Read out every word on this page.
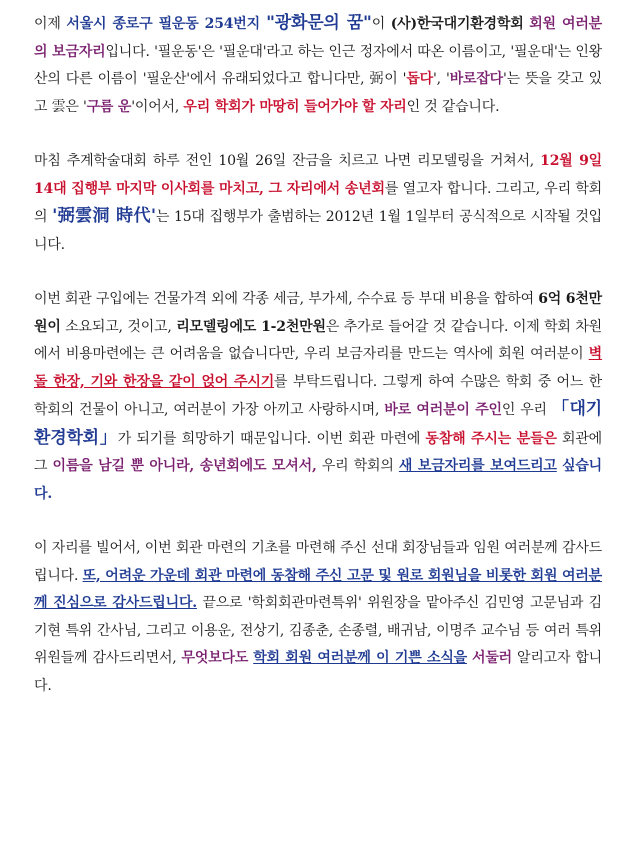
이제 서울시 종로구 필운동 254번지 "광화문의 꿈"이 (사)한국대기환경학회 회원 여러분의 보금자리입니다. '필운동'은 '필운대'라고 하는 인근 정자에서 따온 이름이고, '필운대'는 인왕산의 다른 이름이 '필운산'에서 유래되었다고 합니다만, 弼이 '돕다', '바로잡다'는 뜻을 갖고 있고 雲은 '구름 운'이어서, 우리 학회가 마땅히 들어가야 할 자리인 것 같습니다.

마침 추계학술대회 하루 전인 10월 26일 잔금을 치르고 나면 리모델링을 거쳐서, 12월 9일 14대 집행부 마지막 이사회를 마치고, 그 자리에서 송년회를 열고자 합니다. 그리고, 우리 학회의 '弼雲洞 時代'는 15대 집행부가 출범하는 2012년 1월 1일부터 공식적으로 시작될 것입니다.

이번 회관 구입에는 건물가격 외에 각종 세금, 부가세, 수수료 등 부대 비용을 합하여 6억 6천만원이 소요되고, 것이고, 리모델링에도 1-2천만원은 추가로 들어갈 것 같습니다. 이제 학회 차원에서 비용마련에는 큰 어려움을 없습니다만, 우리 보금자리를 만드는 역사에 회원 여러분이 벽돌 한장, 기와 한장을 같이 얹어 주시기를 부탁드립니다. 그렇게 하여 수많은 학회 중 어느 한 학회의 건물이 아니고, 여러분이 가장 아끼고 사랑하시며, 바로 여러분이 주인인 우리 「대기환경학회」가 되기를 희망하기 때문입니다. 이번 회관 마련에 동참해 주시는 분들은 회관에 그 이름을 남길 뿐 아니라, 송년회에도 모셔서, 우리 학회의 새 보금자리를 보여드리고 싶습니다.

이 자리를 빌어서, 이번 회관 마련의 기초를 마련해 주신 선대 회장님들과 임원 여러분께 감사드립니다. 또, 어려운 가운데 회관 마련에 동참해 주신 고문 및 원로 회원님을 비롯한 회원 여러분께 진심으로 감사드립니다. 끝으로 '학회회관마련특위' 위원장을 맡아주신 김민영 고문님과 김기현 특위 간사님, 그리고 이용운, 전상기, 김종춘, 손종렬, 배귀남, 이명주 교수님 등 여러 특위 위원들께 감사드리면서, 무엇보다도 학회 회원 여러분께 이 기쁜 소식을 서둘러 알리고자 합니다.
